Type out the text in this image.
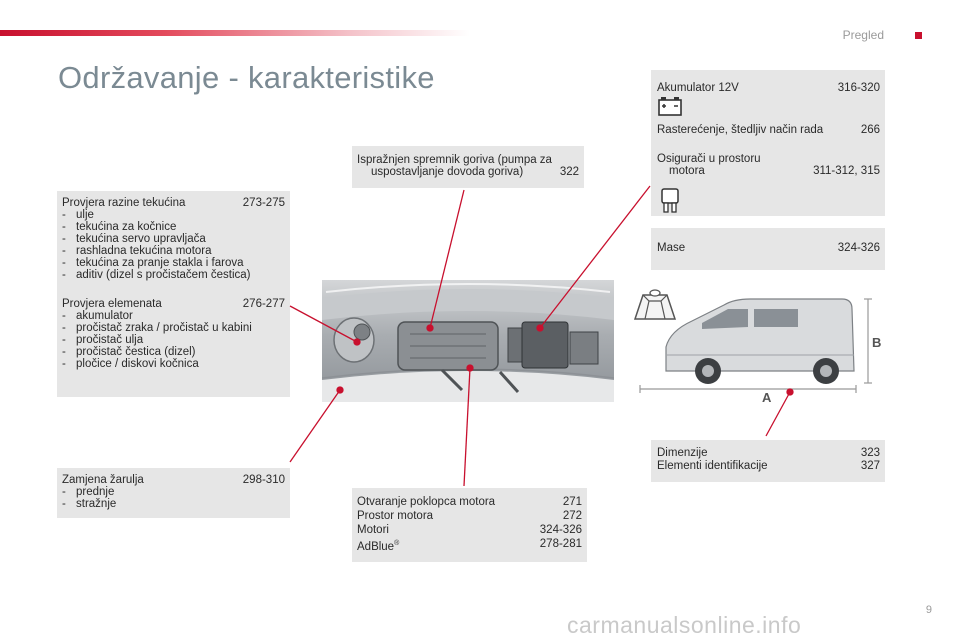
Pregled
Održavanje - karakteristike
Provjera razine tekućina	273-275
- ulje
- tekućina za kočnice
- tekućina servo upravljača
- rashladna tekućina motora
- tekućina za pranje stakla i farova
- aditiv (dizel s pročistačem čestica)
Provjera elemenata	276-277
- akumulator
- pročistač zraka / pročistač u kabini
- pročistač ulja
- pročistač čestica (dizel)
- pločice / diskovi kočnica
Zamjena žarulja	298-310
- prednje
- stražnje
Ispražnjen spremnik goriva (pumpa za
uspostavljanje dovoda goriva)	322
Otvaranje poklopca motora	271
Prostor motora	272
Motori	324-326
AdBlue®	278-281
Akumulator 12V	316-320
Rasterećenje, štedljiv način rada	266
Osigurači u prostoru
motora	311-312, 315
Mase	324-326
A
B
Dimenzije	323
Elementi identifikacije	327
carmanualsonline.info
9
